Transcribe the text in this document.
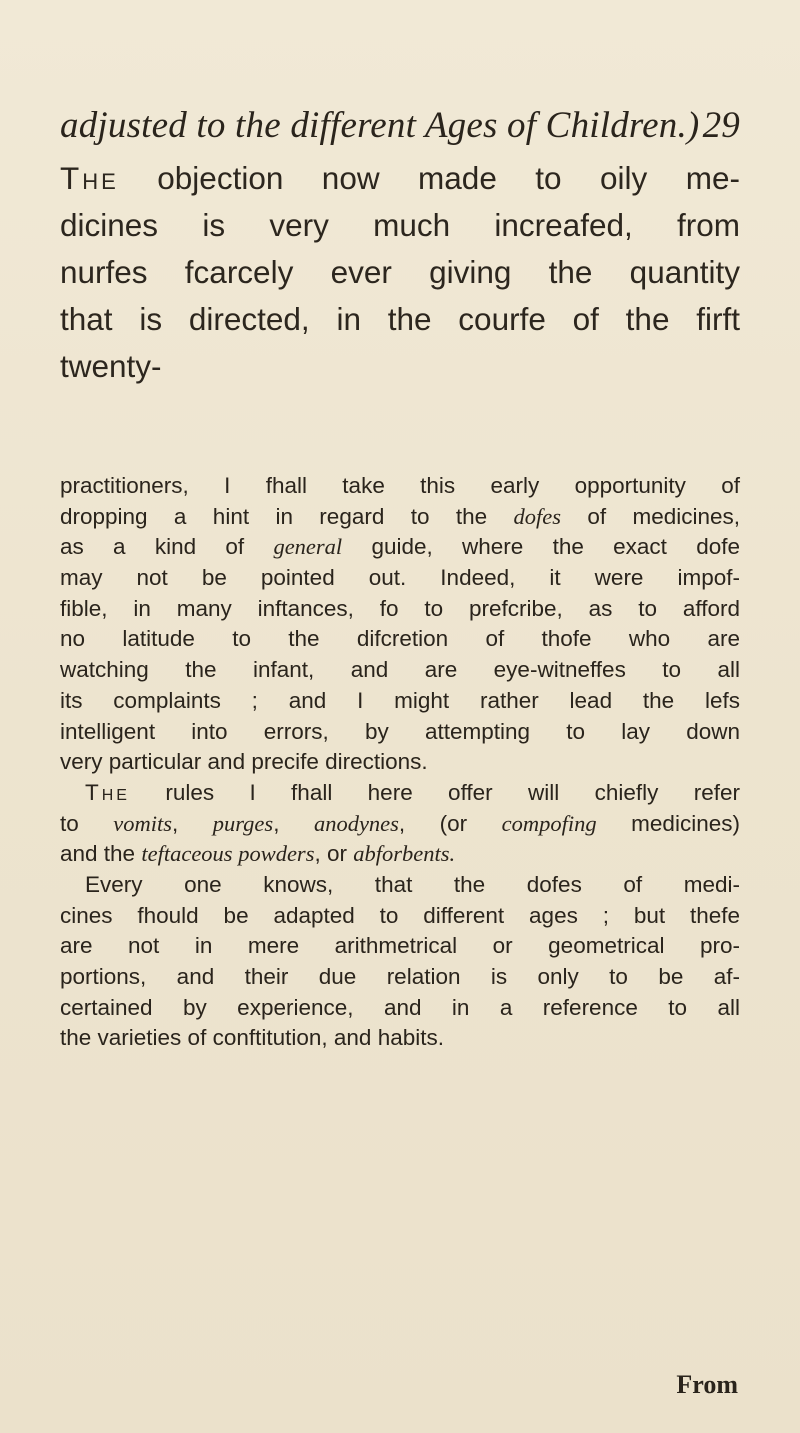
adjusted to the different Ages of Children.) 29
The objection now made to oily me-
dicines is very much increafed, from
nurfes fcarcely ever giving the quantity
that is directed, in the courfe of the firft
twenty-
practitioners, I fhall take this early opportunity of
dropping a hint in regard to the dofes of medicines,
as a kind of general guide, where the exact dofe
may not be pointed out. Indeed, it were impof-
fible, in many inftances, fo to prefcribe, as to afford
no latitude to the difcretion of thofe who are
watching the infant, and are eye-witneffes to all
its complaints ; and I might rather lead the lefs
intelligent into errors, by attempting to lay down
very particular and precife directions.
The rules I fhall here offer will chiefly refer
to vomits, purges, anodynes, (or compofing medicines)
and the teftaceous powders, or abforbents.
Every one knows, that the dofes of medi-
cines fhould be adapted to different ages ; but thefe
are not in mere arithmetrical or geometrical pro-
portions, and their due relation is only to be af-
certained by experience, and in a reference to all
the varieties of conftitution, and habits.
From
